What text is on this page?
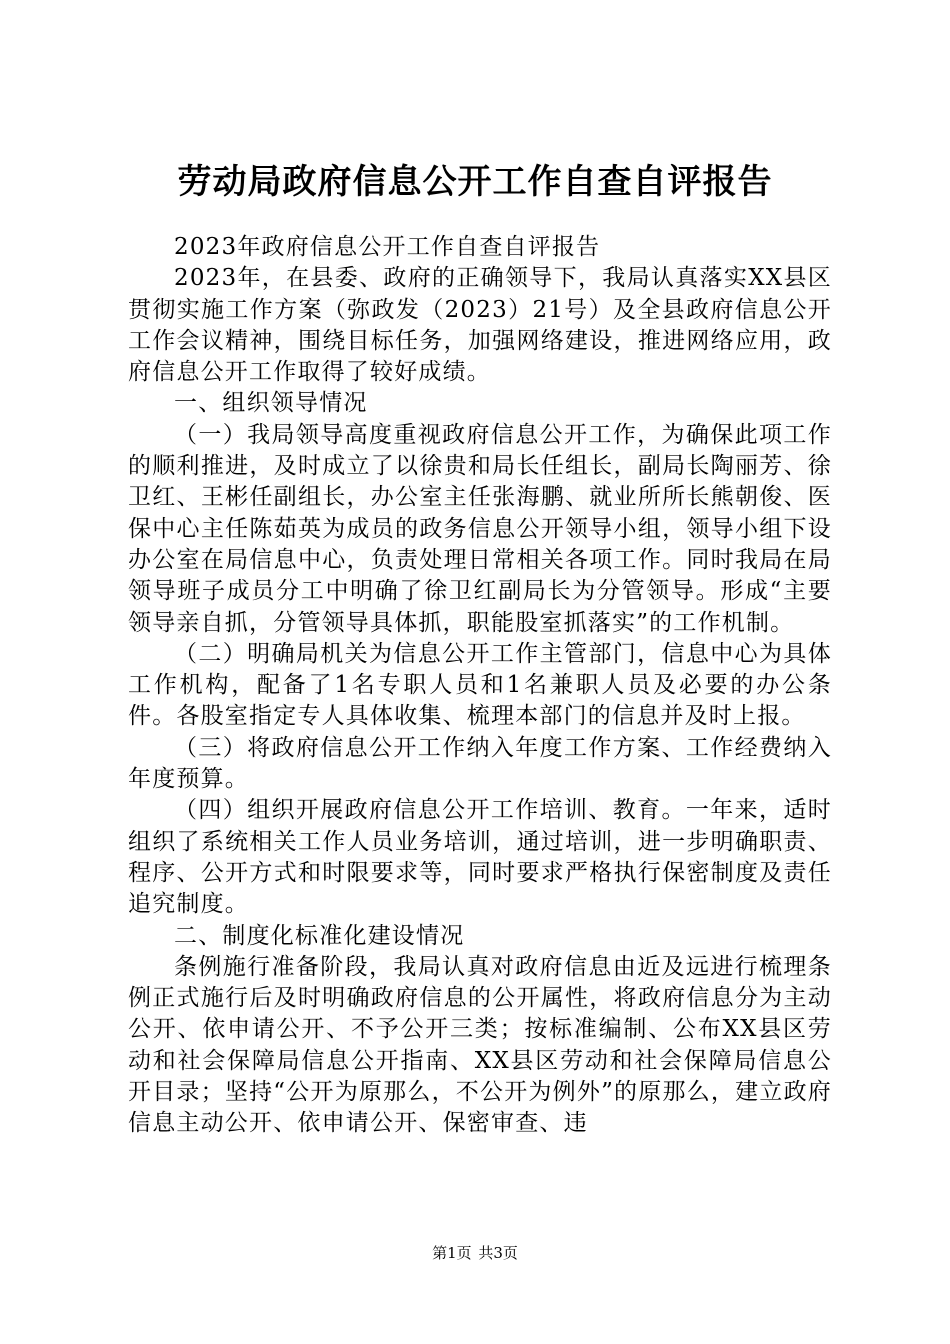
劳动局政府信息公开工作自查自评报告

2023年政府信息公开工作自查自评报告

2023年，在县委、政府的正确领导下，我局认真落实XX县区贯彻实施工作方案（弥政发（2023）21号）及全县政府信息公开工作会议精神，围绕目标任务，加强网络建设，推进网络应用，政府信息公开工作取得了较好成绩。

一、组织领导情况

（一）我局领导高度重视政府信息公开工作，为确保此项工作的顺利推进，及时成立了以徐贵和局长任组长，副局长陶丽芳、徐卫红、王彬任副组长，办公室主任张海鹏、就业所所长熊朝俊、医保中心主任陈茹英为成员的政务信息公开领导小组，领导小组下设办公室在局信息中心，负责处理日常相关各项工作。同时我局在局领导班子成员分工中明确了徐卫红副局长为分管领导。形成“主要领导亲自抓，分管领导具体抓，职能股室抓落实”的工作机制。

（二）明确局机关为信息公开工作主管部门，信息中心为具体工作机构，配备了1名专职人员和1名兼职人员及必要的办公条件。各股室指定专人具体收集、梳理本部门的信息并及时上报。

（三）将政府信息公开工作纳入年度工作方案、工作经费纳入年度预算。

（四）组织开展政府信息公开工作培训、教育。一年来，适时组织了系统相关工作人员业务培训，通过培训，进一步明确职责、程序、公开方式和时限要求等，同时要求严格执行保密制度及责任追究制度。

二、制度化标准化建设情况

条例施行准备阶段，我局认真对政府信息由近及远进行梳理条例正式施行后及时明确政府信息的公开属性，将政府信息分为主动公开、依申请公开、不予公开三类；按标准编制、公布XX县区劳动和社会保障局信息公开指南、XX县区劳动和社会保障局信息公开目录；坚持“公开为原那么，不公开为例外”的原那么，建立政府信息主动公开、依申请公开、保密审查、违

第1页 共3页
